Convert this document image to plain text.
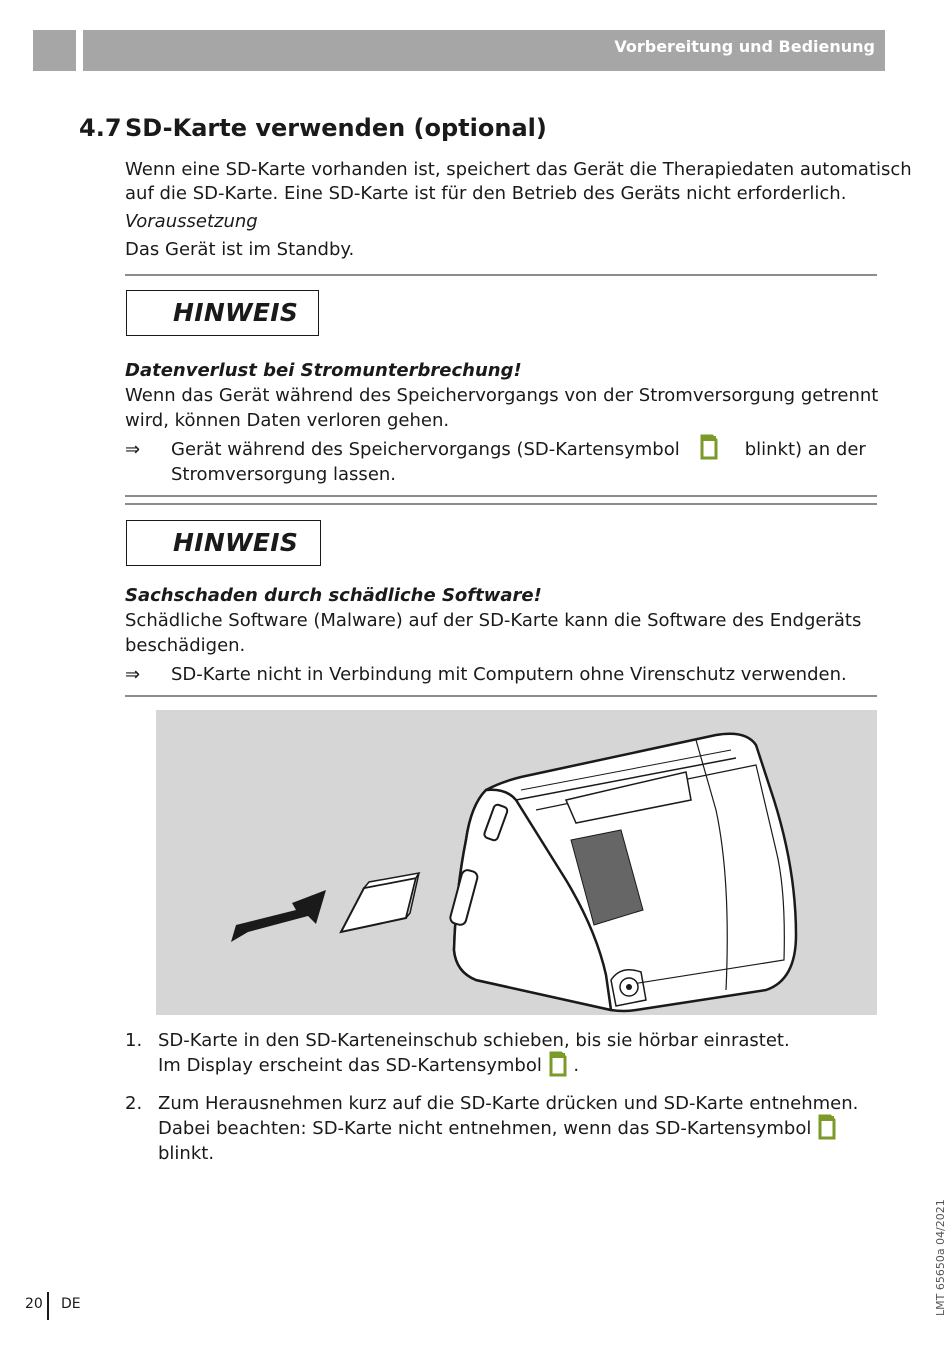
Vorbereitung und Bedienung
4.7 SD-Karte verwenden (optional)
Wenn eine SD-Karte vorhanden ist, speichert das Gerät die Therapiedaten automatisch
auf die SD-Karte. Eine SD-Karte ist für den Betrieb des Geräts nicht erforderlich.
Voraussetzung
Das Gerät ist im Standby.
HINWEIS
Datenverlust bei Stromunterbrechung!
Wenn das Gerät während des Speichervorgangs von der Stromversorgung getrennt
wird, können Daten verloren gehen.
⇒ Gerät während des Speichervorgangs (SD-Kartensymbol	blinkt) an der
Stromversorgung lassen.
HINWEIS
Sachschaden durch schädliche Software!
Schädliche Software (Malware) auf der SD-Karte kann die Software des Endgeräts
beschädigen.
⇒ SD-Karte nicht in Verbindung mit Computern ohne Virenschutz verwenden.
1. SD-Karte in den SD-Karteneinschub schieben, bis sie hörbar einrastet.
Im Display erscheint das SD-Kartensymbol .
2. Zum Herausnehmen kurz auf die SD-Karte drücken und SD-Karte entnehmen.
Dabei beachten: SD-Karte nicht entnehmen, wenn das SD-Kartensymbol
blinkt.
20 DE	LMT 65650a 04/2021
